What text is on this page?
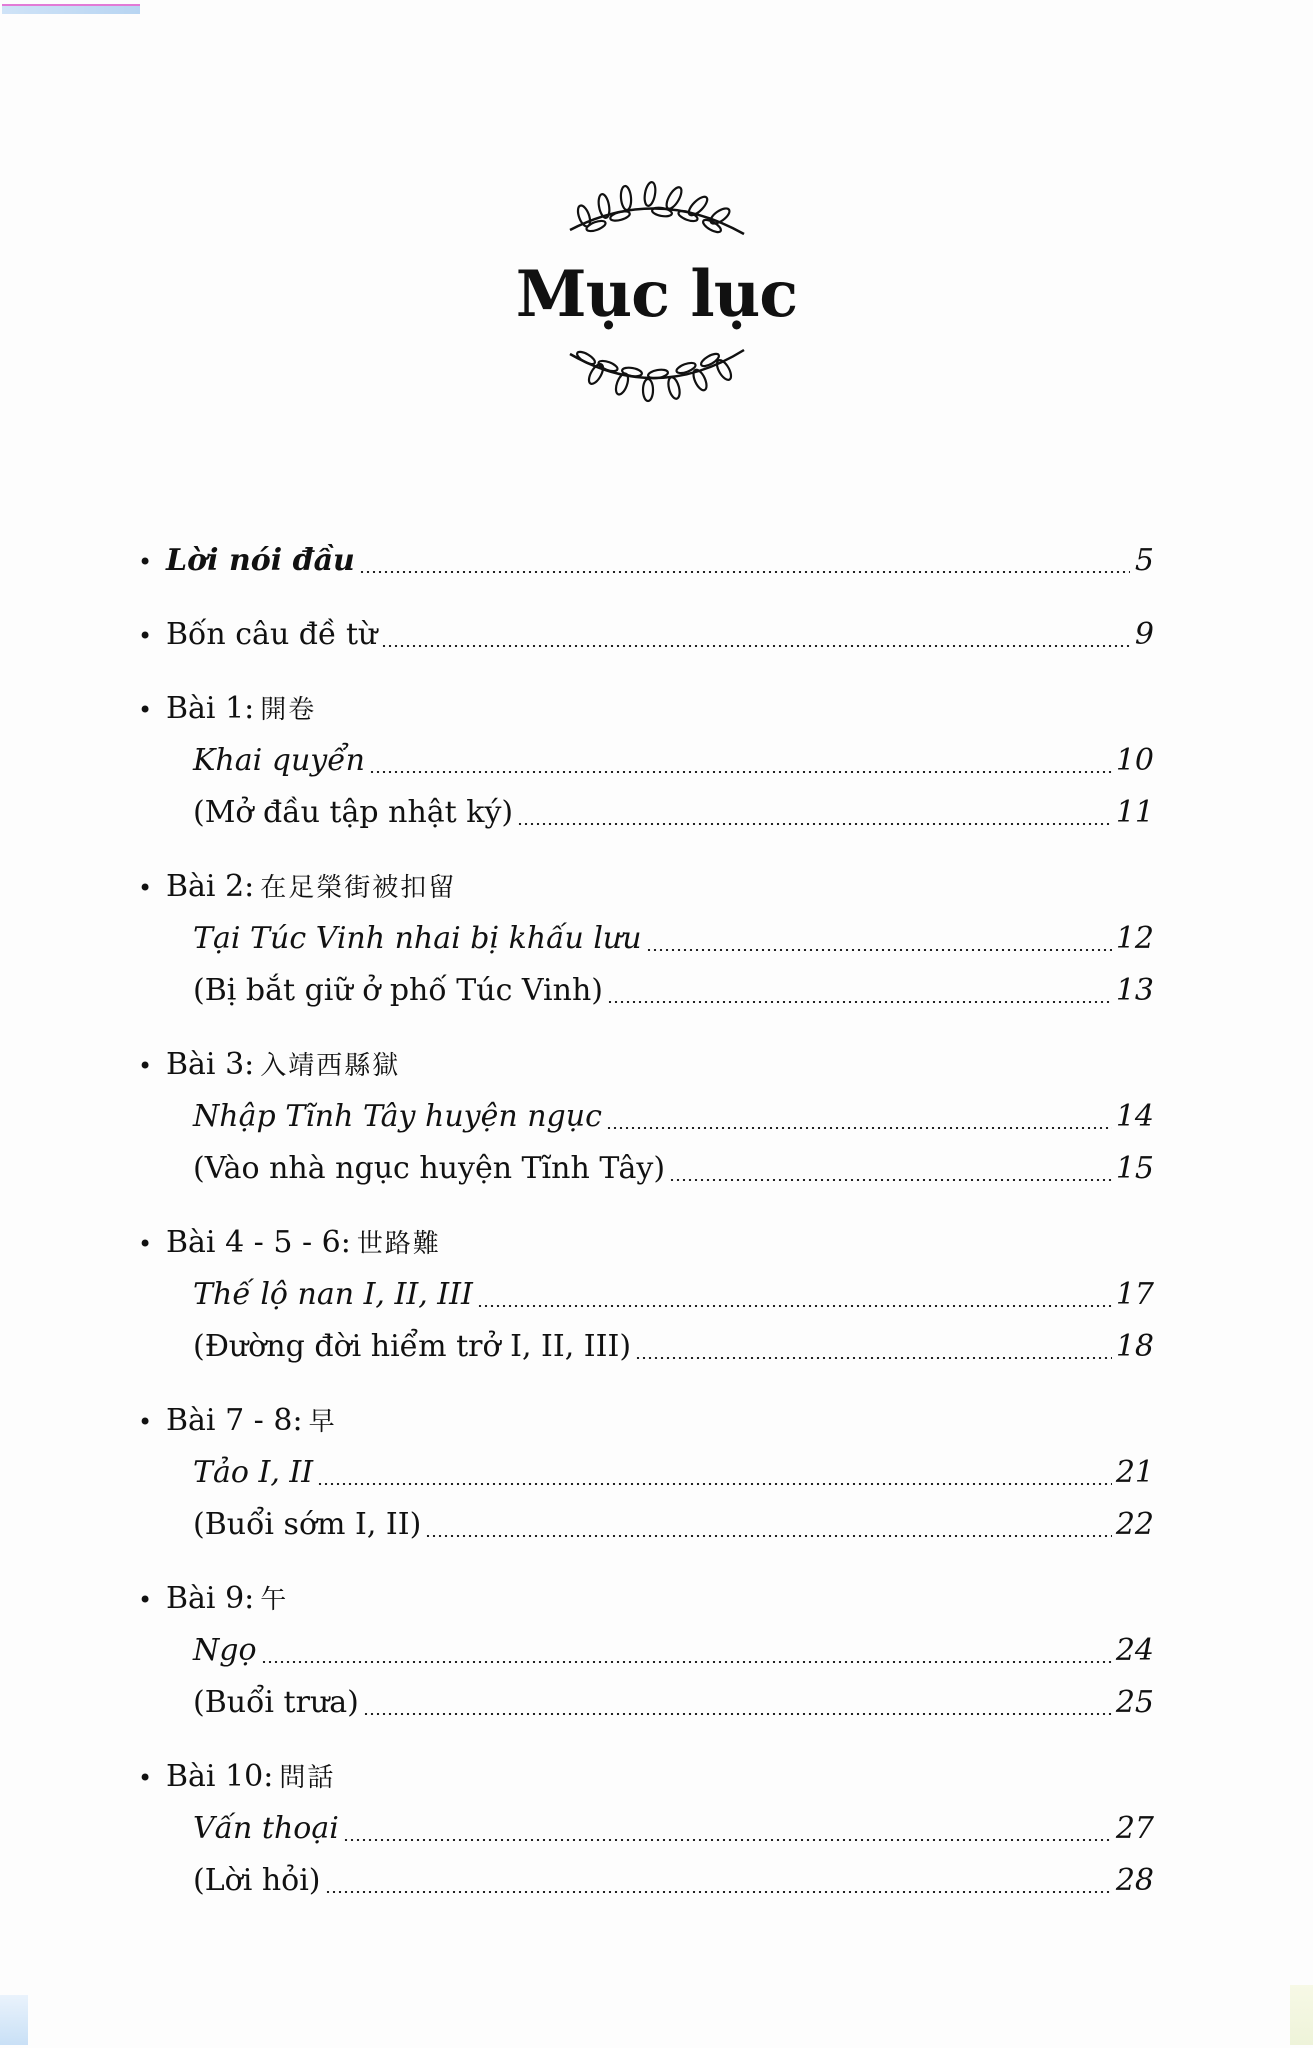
Mục lục
• Lời nói đầu	5
• Bốn câu đề từ	9
• Bài 1: 開卷
Khai quyển	10
(Mở đầu tập nhật ký)	11
• Bài 2: 在足榮街被扣留
Tại Túc Vinh nhai bị khấu lưu	12
(Bị bắt giữ ở phố Túc Vinh)	13
• Bài 3: 入靖西縣獄
Nhập Tĩnh Tây huyện ngục	14
(Vào nhà ngục huyện Tĩnh Tây)	15
• Bài 4 - 5 - 6: 世路難
Thế lộ nan I, II, III	17
(Đường đời hiểm trở I, II, III)	18
• Bài 7 - 8: 早
Tảo I, II	21
(Buổi sớm I, II)	22
• Bài 9: 午
Ngọ	24
(Buổi trưa)	25
• Bài 10: 問話
Vấn thoại	27
(Lời hỏi)	28
